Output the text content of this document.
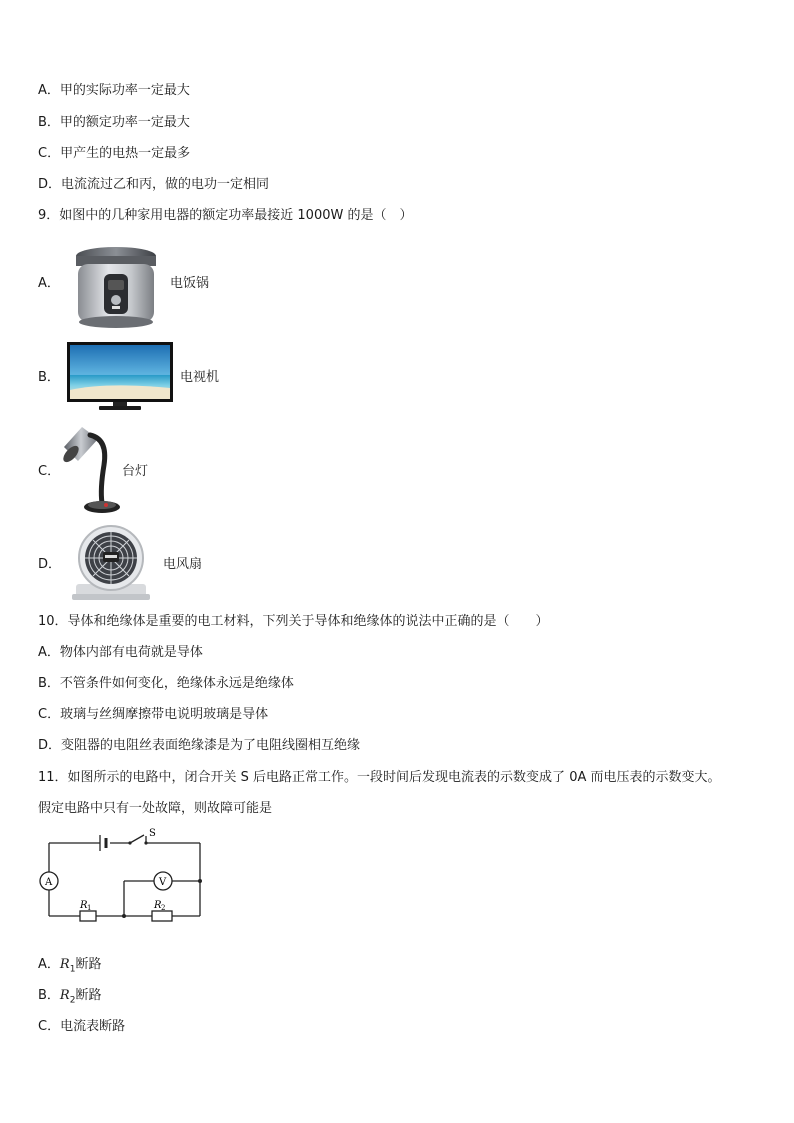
A．甲的实际功率一定最大
B．甲的额定功率一定最大
C．甲产生的电热一定最多
D．电流流过乙和丙，做的电功一定相同
9．如图中的几种家用电器的额定功率最接近 1000W 的是（　）
A．	电饭锅
B．	电视机
C．	台灯
D．	电风扇
10．导体和绝缘体是重要的电工材料，下列关于导体和绝缘体的说法中正确的是（　　）
A．物体内部有电荷就是导体
B．不管条件如何变化，绝缘体永远是绝缘体
C．玻璃与丝绸摩擦带电说明玻璃是导体
D．变阻器的电阻丝表面绝缘漆是为了电阻线圈相互绝缘
11．如图所示的电路中，闭合开关 S 后电路正常工作。一段时间后发现电流表的示数变成了 0A 而电压表的示数变大。
假定电路中只有一处故障，则故障可能是
S
A	V
R 1	R 2
A．$R_1$断路
B．$R_2$断路
C．电流表断路
